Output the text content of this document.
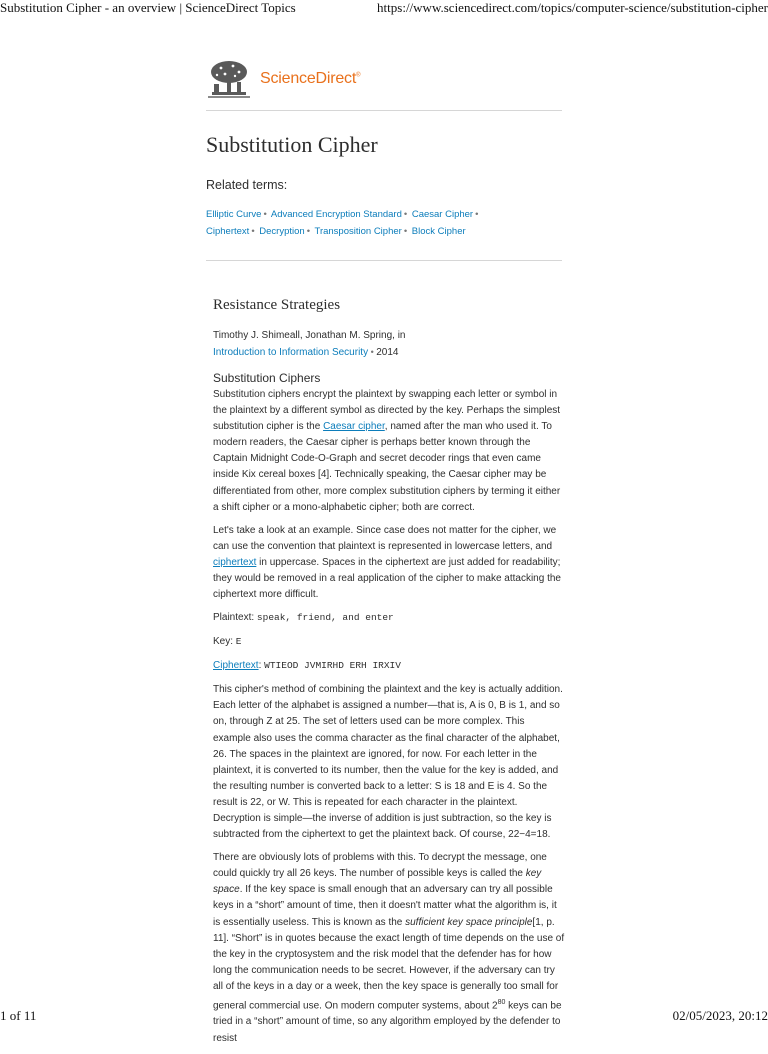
Substitution Cipher - an overview | ScienceDirect Topics	https://www.sciencedirect.com/topics/computer-science/substitution-cipher
ScienceDirect®
Substitution Cipher
Related terms:
Elliptic Curve • Advanced Encryption Standard • Caesar Cipher • Ciphertext • Decryption • Transposition Cipher • Block Cipher
Resistance Strategies

Timothy J. Shimeall, Jonathan M. Spring, in

Introduction to Information Security • 2014

Substitution Ciphers

Substitution ciphers encrypt the plaintext by swapping each letter or symbol in the plaintext by a different symbol as directed by the key. Perhaps the simplest substitution cipher is the Caesar cipher, named after the man who used it. To modern readers, the Caesar cipher is perhaps better known through the Captain Midnight Code-O-Graph and secret decoder rings that even came inside Kix cereal boxes [4]. Technically speaking, the Caesar cipher may be differentiated from other, more complex substitution ciphers by terming it either a shift cipher or a mono-alphabetic cipher; both are correct.

Let's take a look at an example. Since case does not matter for the cipher, we can use the convention that plaintext is represented in lowercase letters, and ciphertext in uppercase. Spaces in the ciphertext are just added for readability; they would be removed in a real application of the cipher to make attacking the ciphertext more difficult.

Plaintext: speak, friend, and enter

Key: E

Ciphertext: WTIEOD JVMIRHD ERH IRXIV

This cipher's method of combining the plaintext and the key is actually addition. Each letter of the alphabet is assigned a number—that is, A is 0, B is 1, and so on, through Z at 25. The set of letters used can be more complex. This example also uses the comma character as the final character of the alphabet, 26. The spaces in the plaintext are ignored, for now. For each letter in the plaintext, it is converted to its number, then the value for the key is added, and the resulting number is converted back to a letter: S is 18 and E is 4. So the result is 22, or W. This is repeated for each character in the plaintext. Decryption is simple—the inverse of addition is just subtraction, so the key is subtracted from the ciphertext to get the plaintext back. Of course, 22−4=18.

There are obviously lots of problems with this. To decrypt the message, one could quickly try all 26 keys. The number of possible keys is called the key space. If the key space is small enough that an adversary can try all possible keys in a “short” amount of time, then it doesn't matter what the algorithm is, it is essentially useless. This is known as the sufficient key space principle[1, p. 11]. “Short” is in quotes because the exact length of time depends on the use of the key in the cryptosystem and the risk model that the defender has for how long the communication needs to be secret. However, if the adversary can try all of the keys in a day or a week, then the key space is generally too small for general commercial use. On modern computer systems, about $2^{80}$ keys can be tried in a “short” amount of time, so any algorithm employed by the defender to resist

1 of 11	02/05/2023, 20:12
